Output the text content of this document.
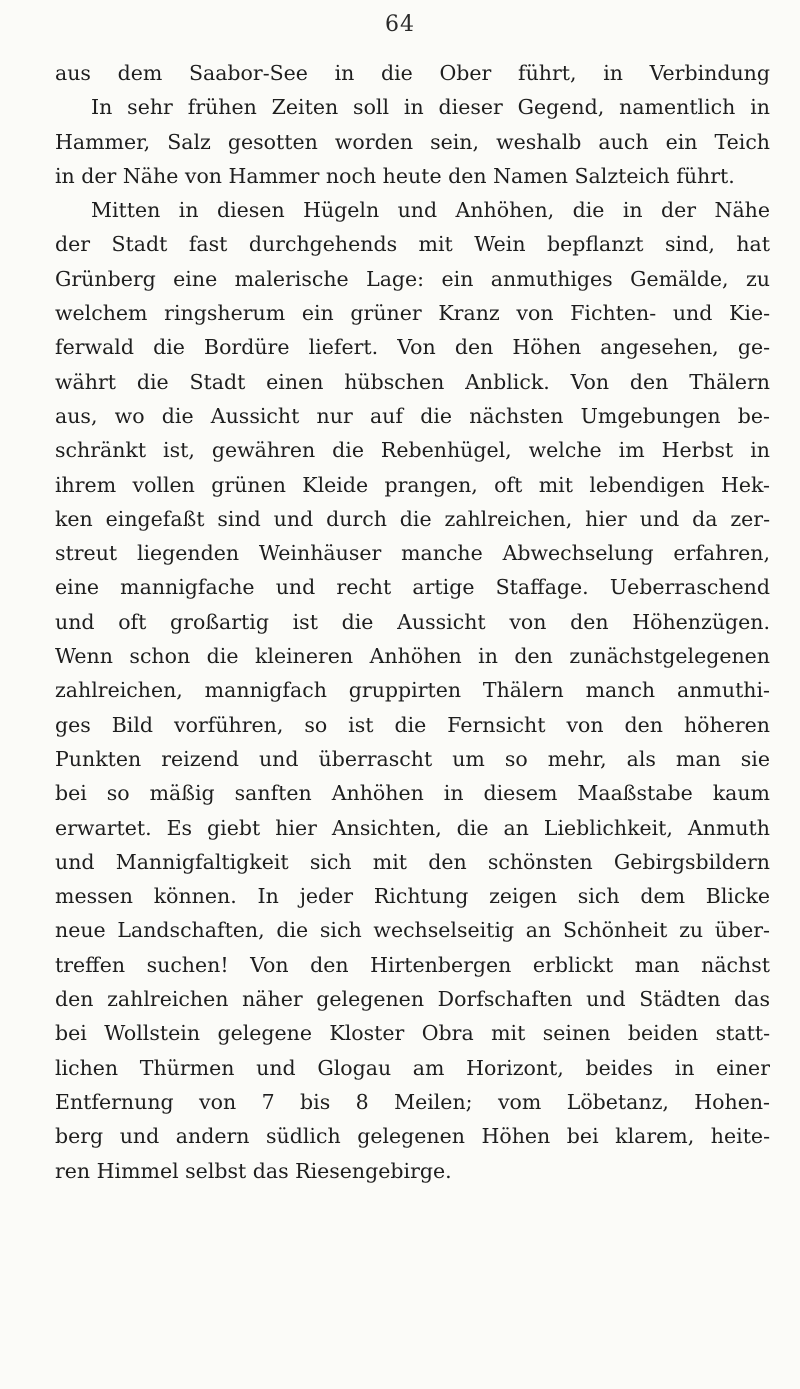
64
aus dem Saabor-See in die Ober führt, in Verbindung
In sehr frühen Zeiten soll in dieser Gegend, namentlich in
Hammer, Salz gesotten worden sein, weshalb auch ein Teich
in der Nähe von Hammer noch heute den Namen Salzteich führt.
Mitten in diesen Hügeln und Anhöhen, die in der Nähe
der Stadt fast durchgehends mit Wein bepflanzt sind, hat
Grünberg eine malerische Lage: ein anmuthiges Gemälde, zu
welchem ringsherum ein grüner Kranz von Fichten- und Kie-
ferwald die Bordüre liefert. Von den Höhen angesehen, ge-
währt die Stadt einen hübschen Anblick. Von den Thälern
aus, wo die Aussicht nur auf die nächsten Umgebungen be-
schränkt ist, gewähren die Rebenhügel, welche im Herbst in
ihrem vollen grünen Kleide prangen, oft mit lebendigen Hek-
ken eingefaßt sind und durch die zahlreichen, hier und da zer-
streut liegenden Weinhäuser manche Abwechselung erfahren,
eine mannigfache und recht artige Staffage. Ueberraschend
und oft großartig ist die Aussicht von den Höhenzügen.
Wenn schon die kleineren Anhöhen in den zunächstgelegenen
zahlreichen, mannigfach gruppirten Thälern manch anmuthi-
ges Bild vorführen, so ist die Fernsicht von den höheren
Punkten reizend und überrascht um so mehr, als man sie
bei so mäßig sanften Anhöhen in diesem Maaßstabe kaum
erwartet. Es giebt hier Ansichten, die an Lieblichkeit, Anmuth
und Mannigfaltigkeit sich mit den schönsten Gebirgsbildern
messen können. In jeder Richtung zeigen sich dem Blicke
neue Landschaften, die sich wechselseitig an Schönheit zu über-
treffen suchen! Von den Hirtenbergen erblickt man nächst
den zahlreichen näher gelegenen Dorfschaften und Städten das
bei Wollstein gelegene Kloster Obra mit seinen beiden statt-
lichen Thürmen und Glogau am Horizont, beides in einer
Entfernung von 7 bis 8 Meilen; vom Löbetanz, Hohen-
berg und andern südlich gelegenen Höhen bei klarem, heite-
ren Himmel selbst das Riesengebirge.
